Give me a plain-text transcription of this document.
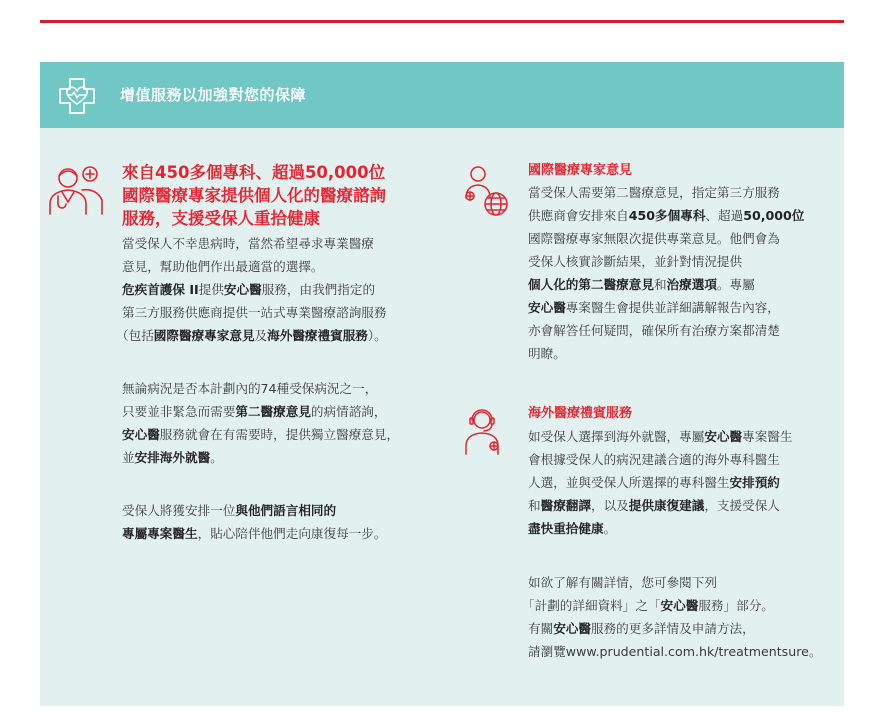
增值服務以加強對您的保障
來自450多個專科、超過50,000位
國際醫療專家提供個人化的醫療諮詢
服務，支援受保人重拾健康
當受保人不幸患病時，當然希望尋求專業醫療
意見，幫助他們作出最適當的選擇。
危疾首護保 II提供安心醫服務，由我們指定的
第三方服務供應商提供一站式專業醫療諮詢服務
（包括國際醫療專家意見及海外醫療禮賓服務）。
無論病況是否本計劃內的74種受保病況之一，
只要並非緊急而需要第二醫療意見的病情諮詢，
安心醫服務就會在有需要時，提供獨立醫療意見，
並安排海外就醫。
受保人將獲安排一位與他們語言相同的
專屬專案醫生，貼心陪伴他們走向康復每一步。
國際醫療專家意見
當受保人需要第二醫療意見，指定第三方服務
供應商會安排來自450多個專科、超過50,000位
國際醫療專家無限次提供專業意見。他們會為
受保人核實診斷結果，並針對情況提供
個人化的第二醫療意見和治療選項。專屬
安心醫專案醫生會提供並詳細講解報告內容，
亦會解答任何疑問，確保所有治療方案都清楚
明瞭。
海外醫療禮賓服務
如受保人選擇到海外就醫，專屬安心醫專案醫生
會根據受保人的病況建議合適的海外專科醫生
人選，並與受保人所選擇的專科醫生安排預約
和醫療翻譯，以及提供康復建議，支援受保人
盡快重拾健康。
如欲了解有關詳情，您可參閱下列
「計劃的詳細資料」之「安心醫服務」部分。
有關安心醫服務的更多詳情及申請方法，
請瀏覽www.prudential.com.hk/treatmentsure。
